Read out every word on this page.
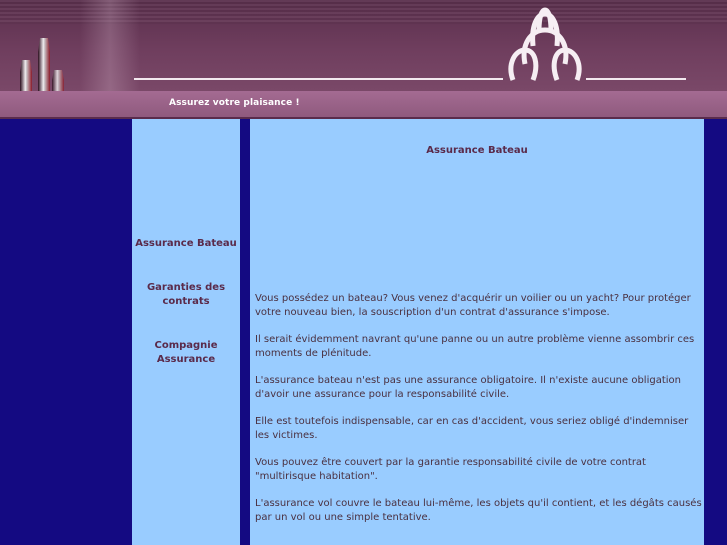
Assurez votre plaisance !
Assurance Bateau
Garanties des contrats
Compagnie Assurance
Assurance Bateau

Vous possédez un bateau? Vous venez d'acquérir un voilier ou un yacht? Pour protéger votre nouveau bien, la souscription d'un contrat d'assurance s'impose.

Il serait évidemment navrant qu'une panne ou un autre problème vienne assombrir ces moments de plénitude.

L'assurance bateau n'est pas une assurance obligatoire. Il n'existe aucune obligation d'avoir une assurance pour la responsabilité civile.

Elle est toutefois indispensable, car en cas d'accident, vous seriez obligé d'indemniser les victimes.

Vous pouvez être couvert par la garantie responsabilité civile de votre contrat "multirisque habitation".

L'assurance vol couvre le bateau lui-même, les objets qu'il contient, et les dégâts causés par un vol ou une simple tentative.
